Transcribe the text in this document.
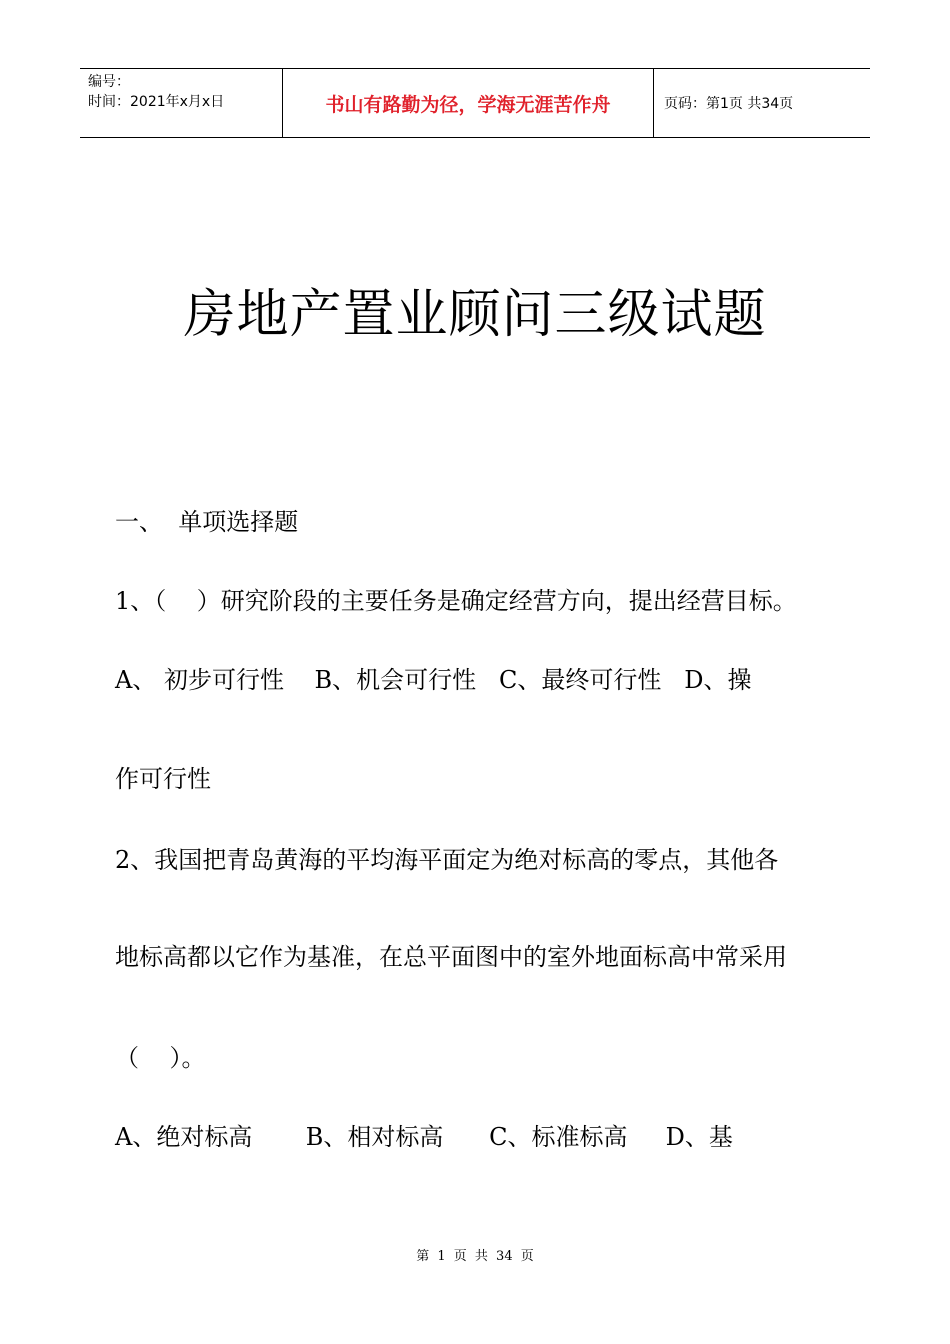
编号：
时间：2021年x月x日	书山有路勤为径，学海无涯苦作舟	页码：第1页 共34页
房地产置业顾问三级试题
一、  单项选择题
1、（    ）研究阶段的主要任务是确定经营方向，提出经营目标。
A、 初步可行性    B、机会可行性   C、最终可行性   D、操
作可行性
2、我国把青岛黄海的平均海平面定为绝对标高的零点，其他各
地标高都以它作为基准，在总平面图中的室外地面标高中常采用
（    ）。
A、绝对标高       B、相对标高      C、标准标高     D、基
第 1 页 共 34 页
